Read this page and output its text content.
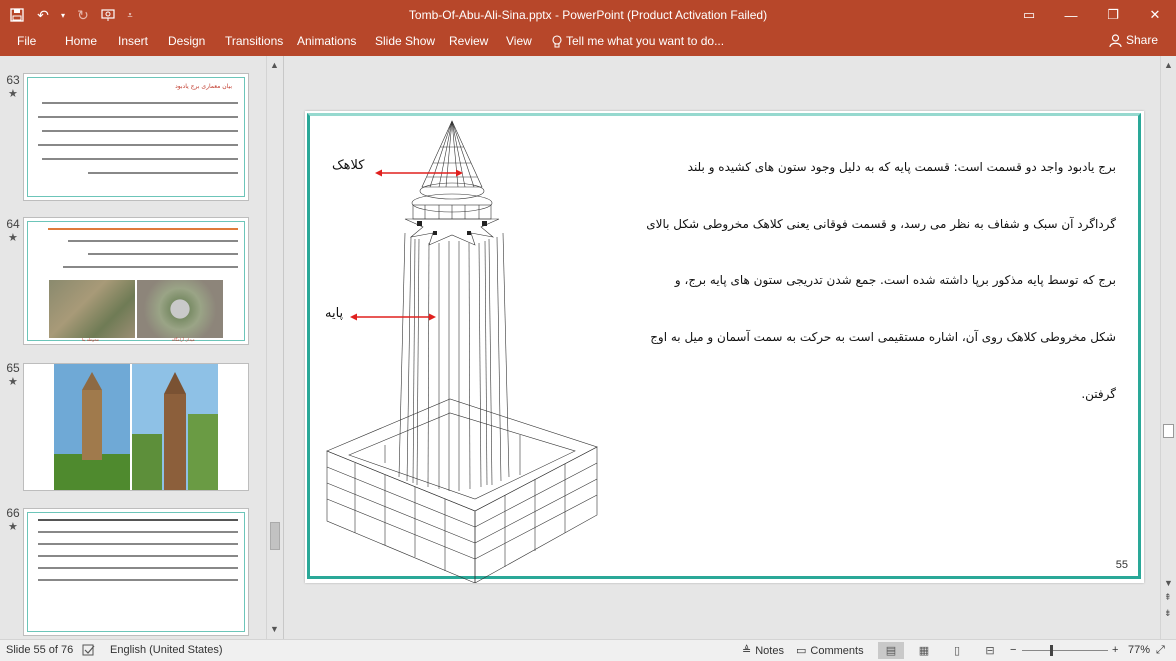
↶	▾ ↻	⩡	Tomb-Of-Abu-Ali-Sina.pptx - PowerPoint (Product Activation Failed)	▭	—	❐	✕
File Home Insert Design Transitions Animations Slide Show Review View	Tell me what you want to do...	Share
63
★
بیان معماری برج یادبود
64
★
محوطه بنا	میدان آرامگاه
65
★
66
★
▲
▼
کلاهک
پایه
برج یادبود واجد دو قسمت است: قسمت پایه که به دلیل وجود ستون های کشیده و بلند
گرداگرد آن سبک و شفاف به نظر می رسد، و قسمت فوقانی یعنی کلاهک مخروطی شکل بالای
برج که توسط پایه مذکور برپا داشته شده است. جمع شدن تدریجی ستون های پایه برج، و
شکل مخروطی کلاهک روی آن، اشاره مستقیمی است به حرکت به سمت آسمان و میل به اوج
گرفتن.
55
▲
▼
⇞
⇟
Slide 55 of 76	English (United States)	≜ Notes ▭ Comments	▤	▦	▯	⊟	−	+ 77% ⤢
